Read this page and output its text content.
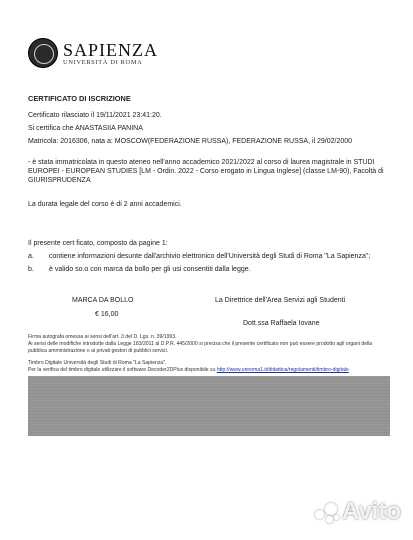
SAPIENZA
UNIVERSITÀ DI ROMA
CERTIFICATO DI ISCRIZIONE
Certificato rilasciato il 19/11/2021 23:41:20.
Si certifica che ANASTASIIA PANINA
Matricola: 2016306, nata a: MOSCOW(FEDERAZIONE RUSSA), FEDERAZIONE RUSSA, il 29/02/2000
- è stata immatricolata in questo ateneo nell'anno accademico 2021/2022 al corso di laurea magistrale in STUDI EUROPEI - EUROPEAN STUDIES [LM - Ordin. 2022 - Corso erogato in Lingua Inglese] (classe LM-90), Facoltà di GIURISPRUDENZA
La durata legale del corso è di 2 anni accademici.
Il presente cert ficato, composto da pagine 1:
a. contiene informazioni desunte dall'archivio elettronico dell'Università degli Studi di Roma "La Sapienza";
b. è valido so.o con marca da bollo per gli usi consentiti dalla legge.
MARCA DA BOLLO
€ 16,00
La Direttrice dell'Area Servizi agli Studenti
Dott.ssa Raffaela Iovane
Firma autografa omessa ai sensi dell'art. 3 del D. Lgs. n. 39/1993.
Ai sensi delle modifiche introdotte dalla Legge 183/2011 al D.P.R. 445/2000 si precisa che il presente certificato non può essere prodotto agli organi della pubblica amministrazione o ai privati gestori di pubblici servizi.
Timbro Digitale Università degli Studi di Roma "La Sapienza".
Per la verifica del timbro digitale utilizzare il software Decoder2DPlus disponibile su http://www.uniroma1.it/didattica/regolamenti/timbro-digitale
Avito
